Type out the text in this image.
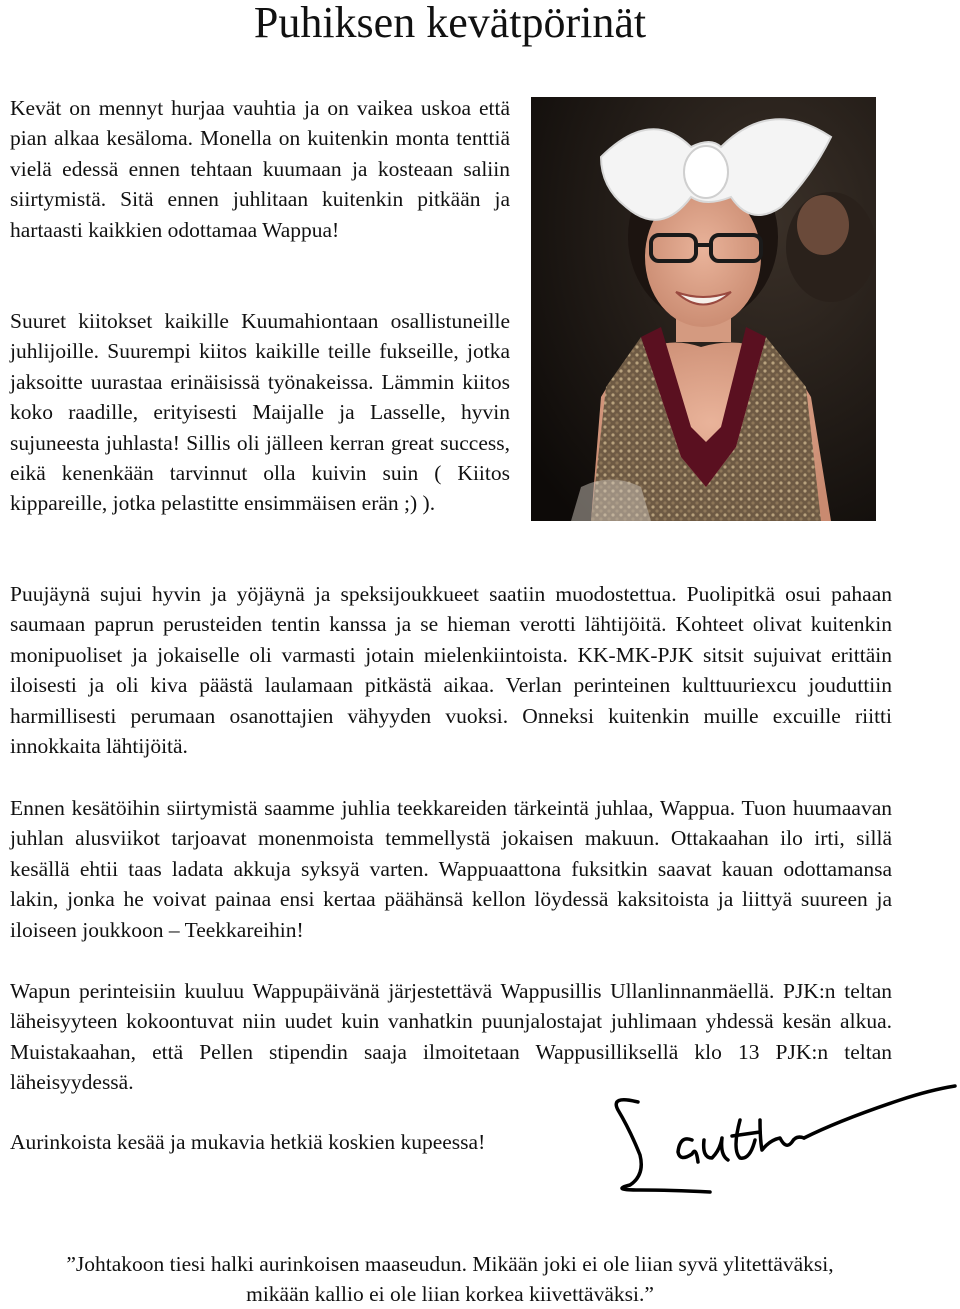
Puhiksen kevätpörinät

Kevät on mennyt hurjaa vauhtia ja on vaikea uskoa että pian alkaa kesäloma. Monella on kuitenkin monta tenttiä vielä edessä ennen tehtaan kuumaan ja kosteaan saliin siirtymistä. Sitä ennen juhlitaan kuitenkin pitkään ja hartaasti kaikkien odottamaa Wappua!

Suuret kiitokset kaikille Kuumahiontaan osallistuneille juhlijoille. Suurempi kiitos kaikille teille fukseille, jotka jaksoitte uurastaa erinäisissä työnakeissa. Lämmin kiitos koko raadille, erityisesti Maijalle ja Lasselle, hyvin sujuneesta juhlasta! Sillis oli jälleen kerran great success, eikä kenenkään tarvinnut olla kuivin suin ( Kiitos kippareille, jotka pelastitte ensimmäisen erän ;) ).

Puujäynä sujui hyvin ja yöjäynä ja speksijoukkueet saatiin muodostettua. Puolipitkä osui pahaan saumaan paprun perusteiden tentin kanssa ja se hieman verotti lähtijöitä. Kohteet olivat kuitenkin monipuoliset ja jokaiselle oli varmasti jotain mielenkiintoista. KK-MK-PJK sitsit sujuivat erittäin iloisesti ja oli kiva päästä laulamaan pitkästä aikaa. Verlan perinteinen kulttuuriexcu jouduttiin harmillisesti perumaan osanottajien vähyyden vuoksi. Onneksi kuitenkin muille excuille riitti innokkaita lähtijöitä.

Ennen kesätöihin siirtymistä saamme juhlia teekkareiden tärkeintä juhlaa, Wappua. Tuon huumaavan juhlan alusviikot tarjoavat monenmoista temmellystä jokaisen makuun. Ottakaahan ilo irti, sillä kesällä ehtii taas ladata akkuja syksyä varten. Wappuaattona fuksitkin saavat kauan odottamansa lakin, jonka he voivat painaa ensi kertaa päähänsä kellon löydessä kaksitoista ja liittyä suureen ja iloiseen joukkoon – Teekkareihin!

Wapun perinteisiin kuuluu Wappupäivänä järjestettävä Wappusillis Ullanlinnanmäellä. PJK:n teltan läheisyyteen kokoontuvat niin uudet kuin vanhatkin puunjalostajat juhlimaan yhdessä kesän alkua. Muistakaahan, että Pellen stipendin saaja ilmoitetaan Wappusilliksellä klo 13 PJK:n teltan läheisyydessä.

Aurinkoista kesää ja mukavia hetkiä koskien kupeessa!

”Johtakoon tiesi halki aurinkoisen maaseudun. Mikään joki ei ole liian syvä ylitettäväksi,
mikään kallio ei ole liian korkea kiivettäväksi.”
